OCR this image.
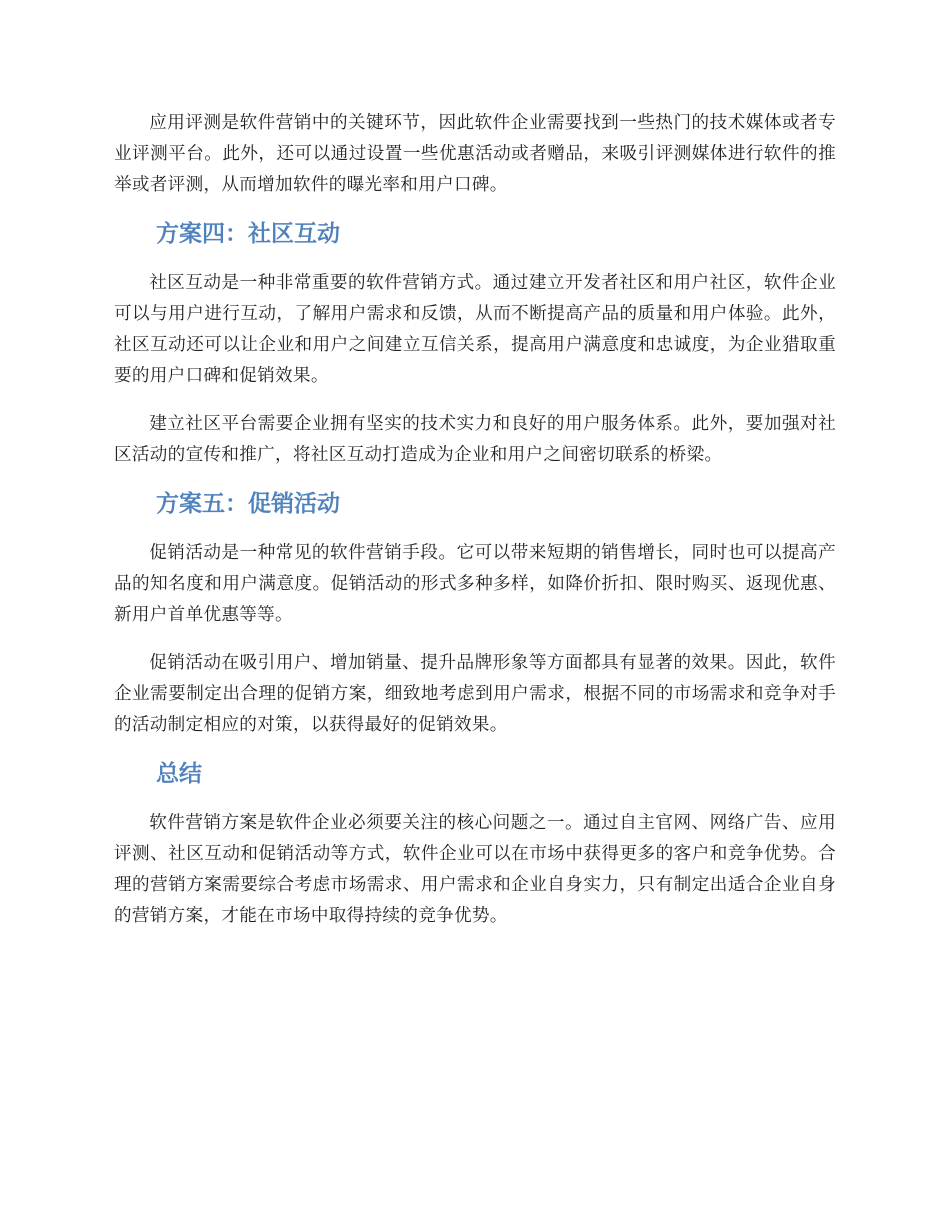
应用评测是软件营销中的关键环节，因此软件企业需要找到一些热门的技术媒体或者专业评测平台。此外，还可以通过设置一些优惠活动或者赠品，来吸引评测媒体进行软件的推举或者评测，从而增加软件的曝光率和用户口碑。

方案四：社区互动

社区互动是一种非常重要的软件营销方式。通过建立开发者社区和用户社区，软件企业可以与用户进行互动，了解用户需求和反馈，从而不断提高产品的质量和用户体验。此外，社区互动还可以让企业和用户之间建立互信关系，提高用户满意度和忠诚度，为企业猎取重要的用户口碑和促销效果。

建立社区平台需要企业拥有坚实的技术实力和良好的用户服务体系。此外，要加强对社区活动的宣传和推广，将社区互动打造成为企业和用户之间密切联系的桥梁。

方案五：促销活动

促销活动是一种常见的软件营销手段。它可以带来短期的销售增长，同时也可以提高产品的知名度和用户满意度。促销活动的形式多种多样，如降价折扣、限时购买、返现优惠、新用户首单优惠等等。

促销活动在吸引用户、增加销量、提升品牌形象等方面都具有显著的效果。因此，软件企业需要制定出合理的促销方案，细致地考虑到用户需求，根据不同的市场需求和竞争对手的活动制定相应的对策，以获得最好的促销效果。

总结

软件营销方案是软件企业必须要关注的核心问题之一。通过自主官网、网络广告、应用评测、社区互动和促销活动等方式，软件企业可以在市场中获得更多的客户和竞争优势。合理的营销方案需要综合考虑市场需求、用户需求和企业自身实力，只有制定出适合企业自身的营销方案，才能在市场中取得持续的竞争优势。
